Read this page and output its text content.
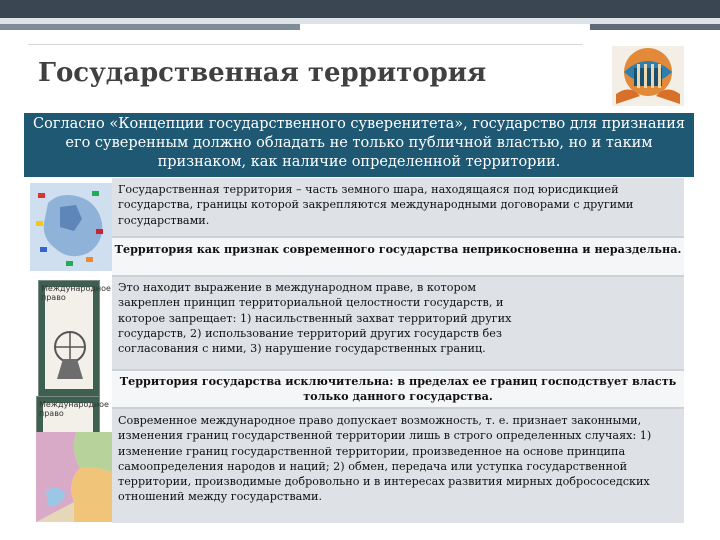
Государственная территория
Согласно «Концепции государственного суверенитета», государство для признания его суверенным должно обладать не только публичной властью, но и таким признаком, как наличие определенной территории.
Государственная территория – часть земного шара, находящаяся под юрисдикцией государства, границы которой закрепляются международными договорами с другими государствами.
Территория как признак современного государства неприкосновенна и нераздельна.
Это находит выражение в международном праве, в котором закреплен принцип территориальной целостности государств, и которое запрещает: 1) насильственный захват территорий других государств, 2) использование территорий других государств без согласования с ними, 3) нарушение государственных границ.
Территория государства исключительна: в пределах ее границ господствует власть только данного государства.
Современное международное право допускает возможность, т. е. признает законными, изменения границ государственной территории лишь в строго определенных случаях: 1) изменение границ государственной территории, произведенное на основе принципа самоопределения народов и наций; 2) обмен, передача или уступка государственной территории, производимые добровольно и в интересах развития мирных добрососедских отношений между государствами.
Международное право
Международное право
